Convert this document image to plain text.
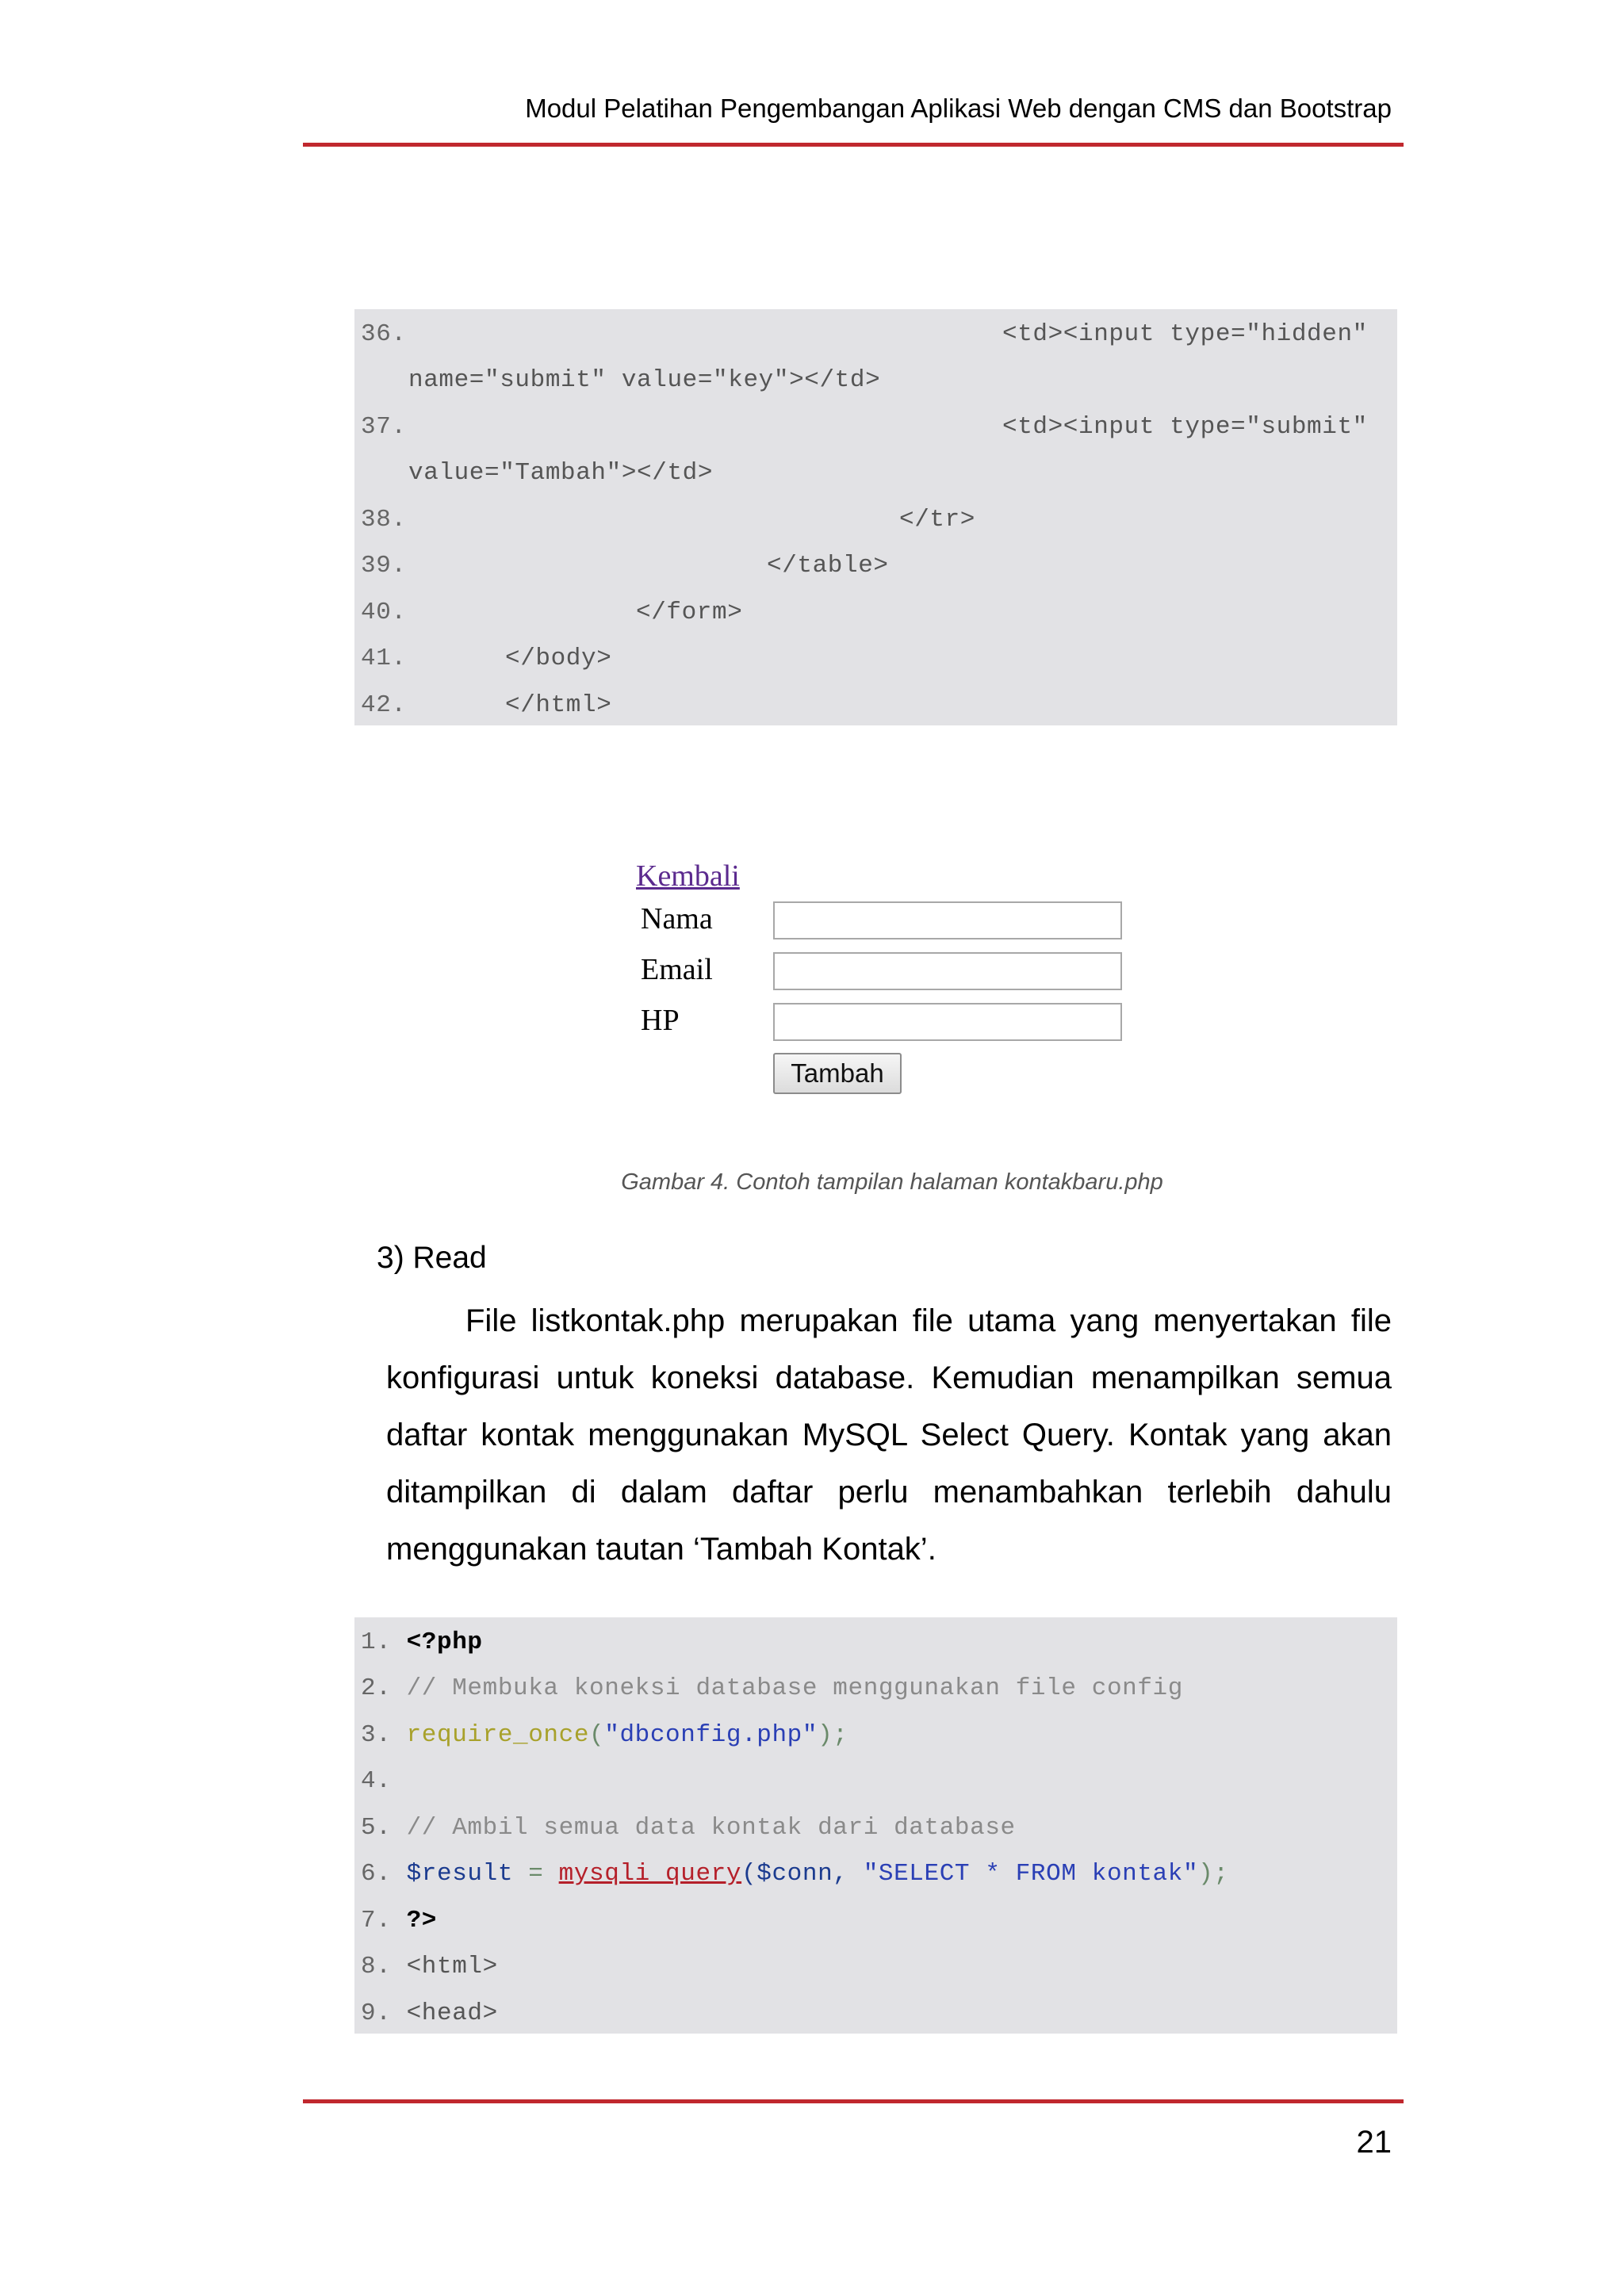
Modul Pelatihan Pengembangan Aplikasi Web dengan CMS dan Bootstrap
36.	<td><input type="hidden"
name="submit" value="key"></td>
37.	<td><input type="submit"
value="Tambah"></td>
38.	</tr>
39.	</table>
40.	</form>
41.	</body>
42.	</html>
Kembali
Nama
Email
HP
Tambah
Gambar 4. Contoh tampilan halaman kontakbaru.php
3) Read
File listkontak.php merupakan file utama yang menyertakan file konfigurasi untuk koneksi database. Kemudian menampilkan semua daftar kontak menggunakan MySQL Select Query. Kontak yang akan ditampilkan di dalam daftar perlu menambahkan terlebih dahulu menggunakan tautan ‘Tambah Kontak’.
1. <?php
2. // Membuka koneksi database menggunakan file config
3. require_once("dbconfig.php");
4.
5. // Ambil semua data kontak dari database
6. $result = mysqli_query($conn, "SELECT * FROM kontak");
7. ?>
8. <html>
9. <head>
21
